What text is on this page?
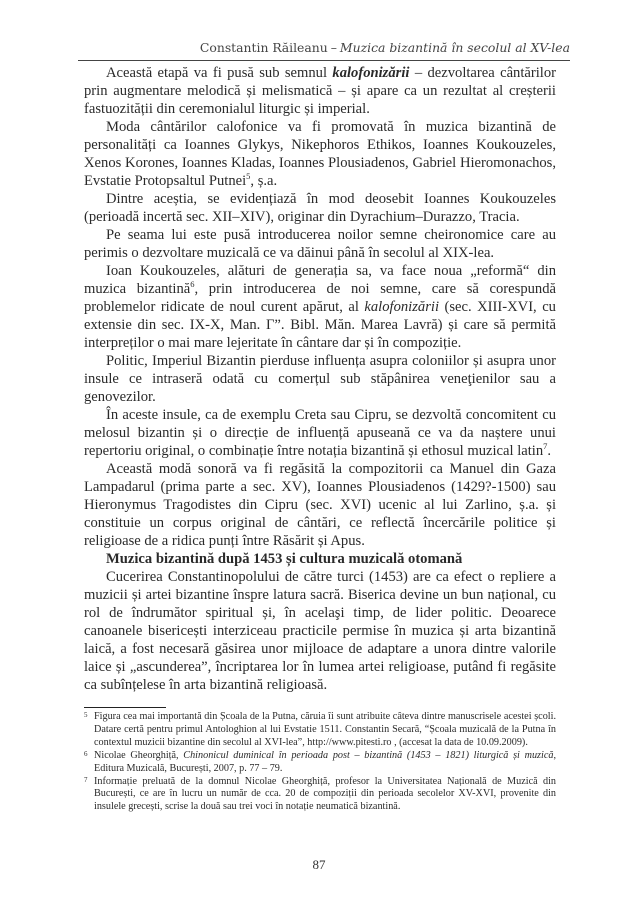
Constantin Răileanu – Muzica bizantină în secolul al XV-lea

Această etapă va fi pusă sub semnul kalofonizării – dezvoltarea cântărilor prin augmentare melodică și melismatică – și apare ca un rezultat al creșterii fastuozității din ceremonialul liturgic și imperial.

Moda cântărilor calofonice va fi promovată în muzica bizantină de personalități ca Ioannes Glykys, Nikephoros Ethikos, Ioannes Koukouzeles, Xenos Korones, Ioannes Kladas, Ioannes Plousiadenos, Gabriel Hieromonachos, Evstatie Protopsaltul Putnei$^5$, ș.a.

Dintre aceștia, se evidențiază în mod deosebit Ioannes Koukouzeles (perioadă incertă sec. XII–XIV), originar din Dyrachium–Durazzo, Tracia.

Pe seama lui este pusă introducerea noilor semne cheironomice care au perimis o dezvoltare muzicală ce va dăinui până în secolul al XIX-lea.

Ioan Koukouzeles, alături de generația sa, va face noua „reformă“ din muzica bizantină$^6$, prin introducerea de noi semne, care să corespundă problemelor ridicate de noul curent apărut, al kalofonizării (sec. XIII-XVI, cu extensie din sec. IX-X, Man. Γ”. Bibl. Măn. Marea Lavră) și care să permită interpreților o mai mare lejeritate în cântare dar și în compoziție.

Politic, Imperiul Bizantin pierduse influența asupra coloniilor și asupra unor insule ce intraseră odată cu comerțul sub stăpânirea veneţienilor sau a genovezilor.

În aceste insule, ca de exemplu Creta sau Cipru, se dezvoltă concomitent cu melosul bizantin și o direcție de influență apuseană ce va da naștere unui repertoriu original, o combinație între notația bizantină și ethosul muzical latin$^7$.

Această modă sonoră va fi regăsită la compozitorii ca Manuel din Gaza Lampadarul (prima parte a sec. XV), Ioannes Plousiadenos (1429?-1500) sau Hieronymus Tragodistes din Cipru (sec. XVI) ucenic al lui Zarlino, ș.a. și constituie un corpus original de cântări, ce reflectă încercările politice și religioase de a ridica punți între Răsărit și Apus.

Muzica bizantină după 1453 și cultura muzicală otomană

Cucerirea Constantinopolului de către turci (1453) are ca efect o repliere a muzicii și artei bizantine înspre latura sacră. Biserica devine un bun național, cu rol de îndrumător spiritual și, în acelaşi timp, de lider politic. Deoarece canoanele bisericești interziceau practicile permise în muzica și arta bizantină laică, a fost necesară găsirea unor mijloace de adaptare a unora dintre valorile laice și „ascunderea”, încriptarea lor în lumea artei religioase, putând fi regăsite ca subînțelese în arta bizantină religioasă.

5 Figura cea mai importantă din Școala de la Putna, căruia îi sunt atribuite câteva dintre manuscrisele acestei școli. Datare certă pentru primul Antologhion al lui Evstatie 1511. Constantin Secară, “Școala muzicală de la Putna în contextul muzicii bizantine din secolul al XVI-lea”, http://www.pitesti.ro , (accesat la data de 10.09.2009).

6 Nicolae Gheorghiță, Chinonicul duminical în perioada post – bizantină (1453 – 1821) liturgică și muzică, Editura Muzicală, București, 2007, p. 77 – 79.

7 Informație preluată de la domnul Nicolae Gheorghiță, profesor la Universitatea Națională de Muzică din București, ce are în lucru un număr de cca. 20 de compoziții din perioada secolelor XV-XVI, provenite din insulele grecești, scrise la două sau trei voci în notație neumatică bizantină.

87
